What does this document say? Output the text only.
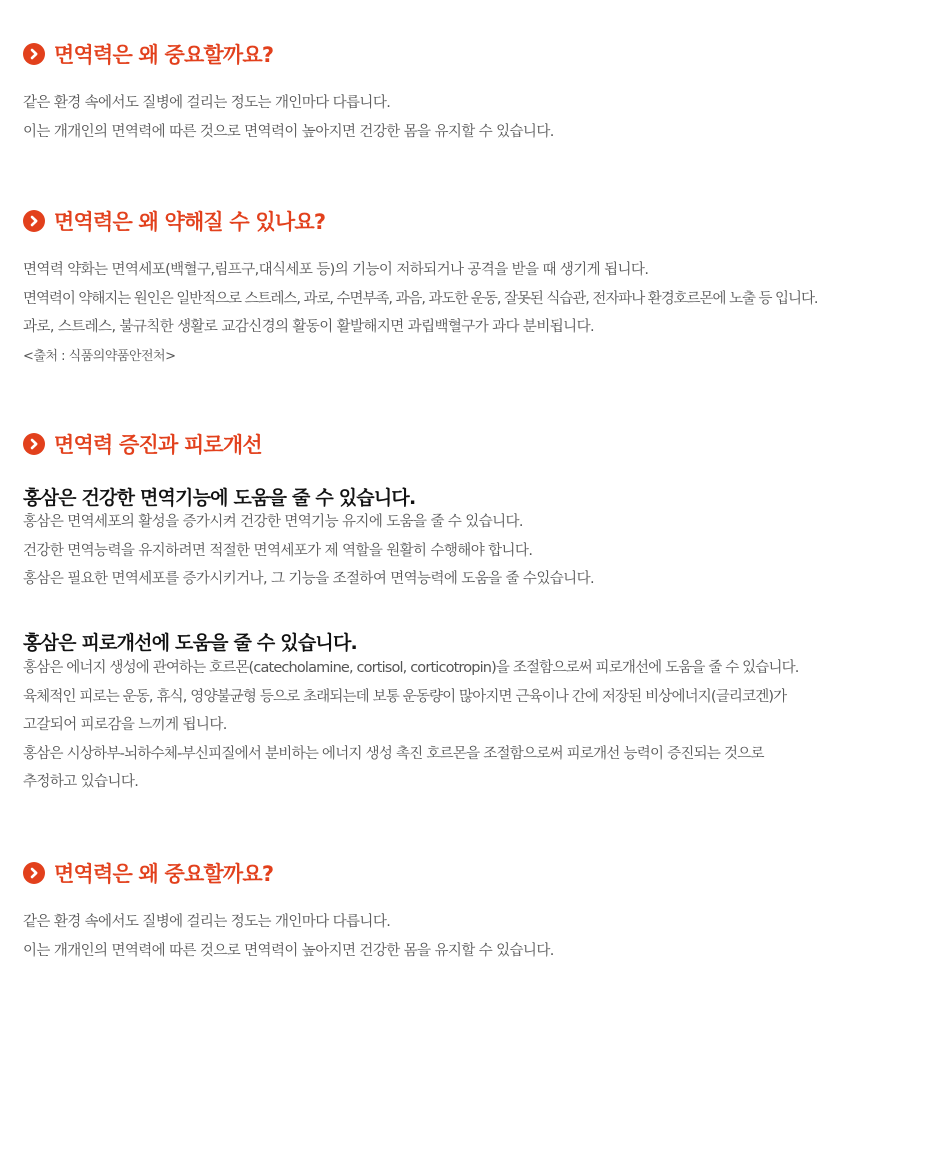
면역력은 왜 중요할까요?
같은 환경 속에서도 질병에 걸리는 정도는 개인마다 다릅니다.
이는 개개인의 면역력에 따른 것으로 면역력이 높아지면 건강한 몸을 유지할 수 있습니다.
면역력은 왜 약해질 수 있나요?
면역력 약화는 면역세포(백혈구,림프구,대식세포 등)의 기능이 저하되거나 공격을 받을 때 생기게 됩니다.
면역력이 약해지는 원인은 일반적으로 스트레스, 과로, 수면부족, 과음, 과도한 운동, 잘못된 식습관, 전자파나 환경호르몬에 노출 등 입니다.
과로, 스트레스, 불규칙한 생활로 교감신경의 활동이 활발해지면 과립백혈구가 과다 분비됩니다.
<출처 : 식품의약품안전처>
면역력 증진과 피로개선
홍삼은 건강한 면역기능에 도움을 줄 수 있습니다.
홍삼은 면역세포의 활성을 증가시켜 건강한 면역기능 유지에 도움을 줄 수 있습니다.
건강한 면역능력을 유지하려면 적절한 면역세포가 제 역할을 원활히 수행해야 합니다.
홍삼은 필요한 면역세포를 증가시키거나, 그 기능을 조절하여 면역능력에 도움을 줄 수있습니다.
홍삼은 피로개선에 도움을 줄 수 있습니다.
홍삼은 에너지 생성에 관여하는 호르몬(catecholamine, cortisol, corticotropin)을 조절함으로써 피로개선에 도움을 줄 수 있습니다.
육체적인 피로는 운동, 휴식, 영양불균형 등으로 초래되는데 보통 운동량이 많아지면 근육이나 간에 저장된 비상에너지(글리코겐)가
고갈되어 피로감을 느끼게 됩니다.
홍삼은 시상하부-뇌하수체-부신피질에서 분비하는 에너지 생성 촉진 호르몬을 조절함으로써 피로개선 능력이 증진되는 것으로
추정하고 있습니다.
면역력은 왜 중요할까요?
같은 환경 속에서도 질병에 걸리는 정도는 개인마다 다릅니다.
이는 개개인의 면역력에 따른 것으로 면역력이 높아지면 건강한 몸을 유지할 수 있습니다.
